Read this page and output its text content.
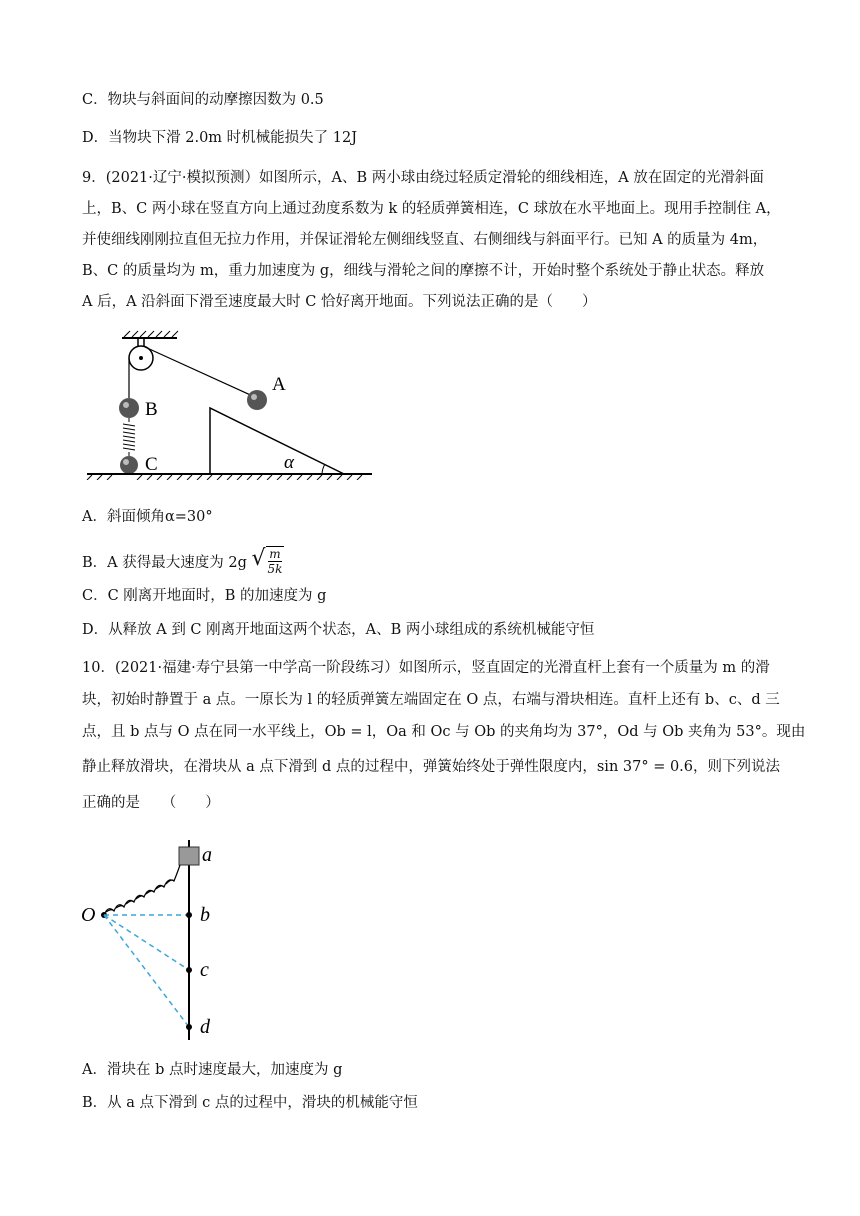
C．物块与斜面间的动摩擦因数为 0.5
D．当物块下滑 2.0m 时机械能损失了 12J
9．(2021·辽宁·模拟预测）如图所示，A、B 两小球由绕过轻质定滑轮的细线相连，A 放在固定的光滑斜面
上，B、C 两小球在竖直方向上通过劲度系数为 k 的轻质弹簧相连，C 球放在水平地面上。现用手控制住 A，
并使细线刚刚拉直但无拉力作用，并保证滑轮左侧细线竖直、右侧细线与斜面平行。已知 A 的质量为 4m，
B、C 的质量均为 m，重力加速度为 g，细线与滑轮之间的摩擦不计，开始时整个系统处于静止状态。释放
A 后，A 沿斜面下滑至速度最大时 C 恰好离开地面。下列说法正确的是（　　）
B
C
A
α
A．斜面倾角α=30°
B．A 获得最大速度为 2g √ $\frac{m}{5k}$
C．C 刚离开地面时，B 的加速度为 g
D．从释放 A 到 C 刚离开地面这两个状态，A、B 两小球组成的系统机械能守恒
10．(2021·福建·寿宁县第一中学高一阶段练习）如图所示，竖直固定的光滑直杆上套有一个质量为 m 的滑
块，初始时静置于 a 点。一原长为 l 的轻质弹簧左端固定在 O 点，右端与滑块相连。直杆上还有 b、c、d 三
点，且 b 点与 O 点在同一水平线上，Ob = l，Oa 和 Oc 与 Ob 的夹角均为 37°，Od 与 Ob 夹角为 53°。现由
静止释放滑块，在滑块从 a 点下滑到 d 点的过程中，弹簧始终处于弹性限度内，sin 37° = 0.6，则下列说法
正确的是　　（　　）
a
O	b
c
d
A．滑块在 b 点时速度最大，加速度为 g
B．从 a 点下滑到 c 点的过程中，滑块的机械能守恒
